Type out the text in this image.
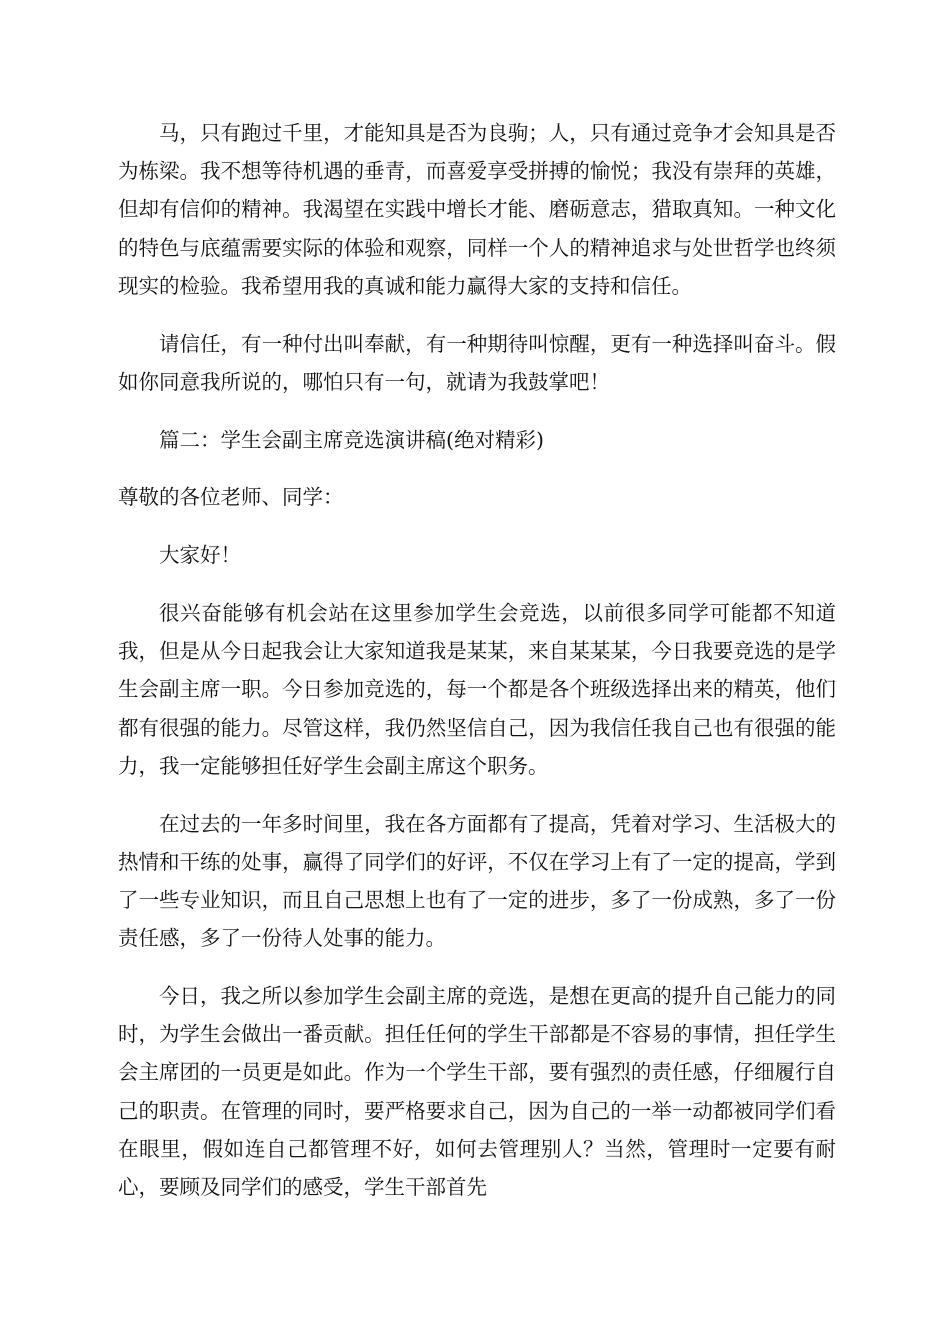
马，只有跑过千里，才能知具是否为良驹；人，只有通过竞争才会知具是否为栋梁。我不想等待机遇的垂青，而喜爱享受拼搏的愉悦；我没有崇拜的英雄，但却有信仰的精神。我渴望在实践中增长才能、磨砺意志，猎取真知。一种文化的特色与底蕴需要实际的体验和观察，同样一个人的精神追求与处世哲学也终须现实的检验。我希望用我的真诚和能力赢得大家的支持和信任。

请信任，有一种付出叫奉献，有一种期待叫惊醒，更有一种选择叫奋斗。假如你同意我所说的，哪怕只有一句，就请为我鼓掌吧！

篇二：学生会副主席竞选演讲稿(绝对精彩)

尊敬的各位老师、同学：

大家好！

很兴奋能够有机会站在这里参加学生会竞选，以前很多同学可能都不知道我，但是从今日起我会让大家知道我是某某，来自某某某，今日我要竞选的是学生会副主席一职。今日参加竞选的，每一个都是各个班级选择出来的精英，他们都有很强的能力。尽管这样，我仍然坚信自己，因为我信任我自己也有很强的能力，我一定能够担任好学生会副主席这个职务。

在过去的一年多时间里，我在各方面都有了提高，凭着对学习、生活极大的热情和干练的处事，赢得了同学们的好评，不仅在学习上有了一定的提高，学到了一些专业知识，而且自己思想上也有了一定的进步，多了一份成熟，多了一份责任感，多了一份待人处事的能力。

今日，我之所以参加学生会副主席的竞选，是想在更高的提升自己能力的同时，为学生会做出一番贡献。担任任何的学生干部都是不容易的事情，担任学生会主席团的一员更是如此。作为一个学生干部，要有强烈的责任感，仔细履行自己的职责。在管理的同时，要严格要求自己，因为自己的一举一动都被同学们看在眼里，假如连自己都管理不好，如何去管理别人？当然，管理时一定要有耐心，要顾及同学们的感受，学生干部首先
